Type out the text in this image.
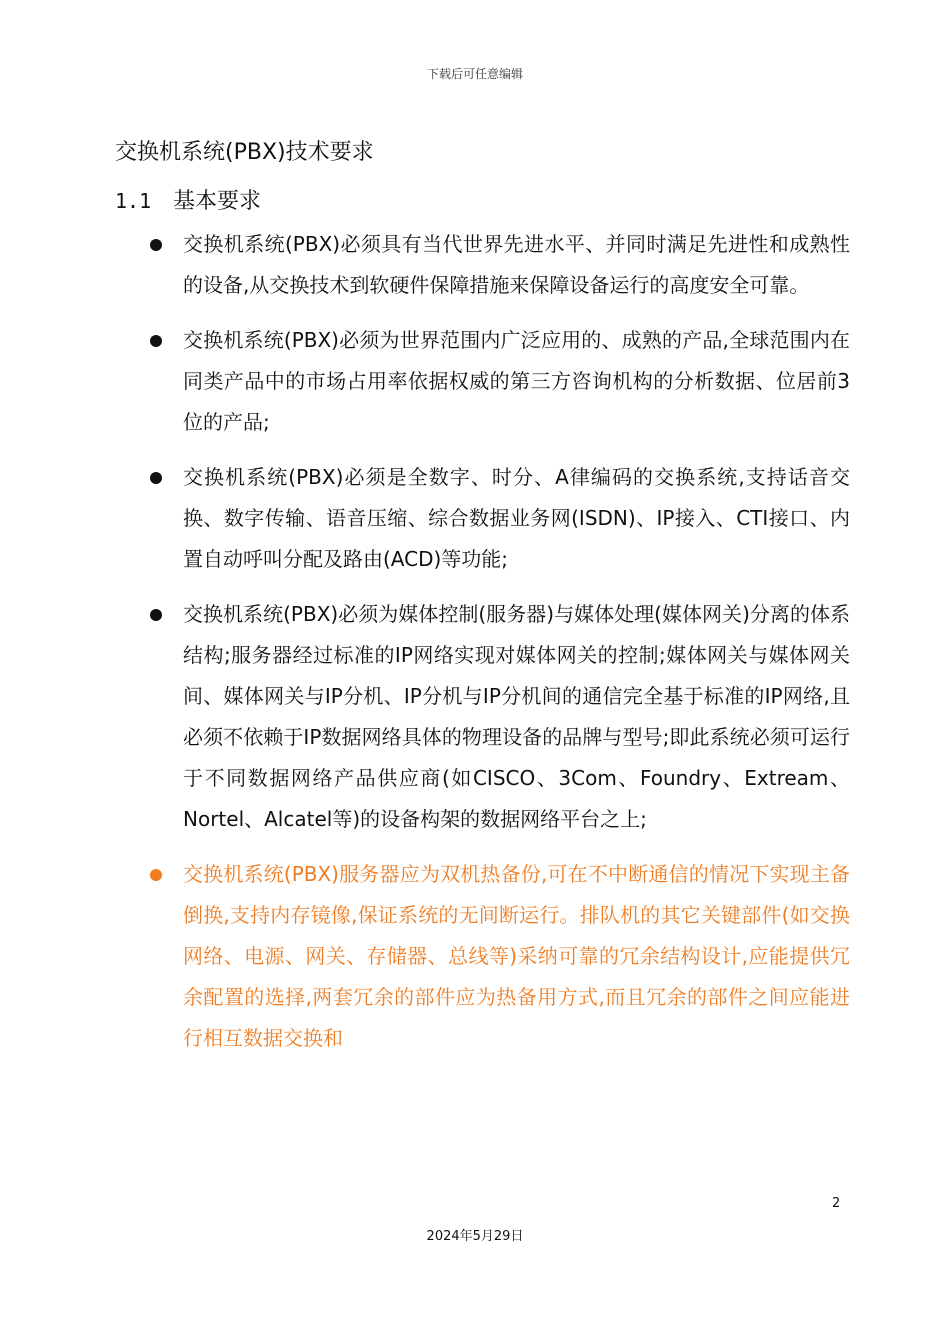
下载后可任意编辑
交换机系统(PBX)技术要求
1.1 基本要求
交换机系统(PBX)必须具有当代世界先进水平、并同时满足先进性和成熟性的设备,从交换技术到软硬件保障措施来保障设备运行的高度安全可靠。
交换机系统(PBX)必须为世界范围内广泛应用的、成熟的产品,全球范围内在同类产品中的市场占用率依据权威的第三方咨询机构的分析数据、位居前3位的产品;
交换机系统(PBX)必须是全数字、时分、A律编码的交换系统,支持话音交换、数字传输、语音压缩、综合数据业务网(ISDN)、IP接入、CTI接口、内置自动呼叫分配及路由(ACD)等功能;
交换机系统(PBX)必须为媒体控制(服务器)与媒体处理(媒体网关)分离的体系结构;服务器经过标准的IP网络实现对媒体网关的控制;媒体网关与媒体网关间、媒体网关与IP分机、IP分机与IP分机间的通信完全基于标准的IP网络,且必须不依赖于IP数据网络具体的物理设备的品牌与型号;即此系统必须可运行于不同数据网络产品供应商(如CISCO、3Com、Foundry、Extream、Nortel、Alcatel等)的设备构架的数据网络平台之上;
交换机系统(PBX)服务器应为双机热备份,可在不中断通信的情况下实现主备倒换,支持内存镜像,保证系统的无间断运行。排队机的其它关键部件(如交换网络、电源、网关、存储器、总线等)采纳可靠的冗余结构设计,应能提供冗余配置的选择,两套冗余的部件应为热备用方式,而且冗余的部件之间应能进行相互数据交换和
2
2024年5月29日
